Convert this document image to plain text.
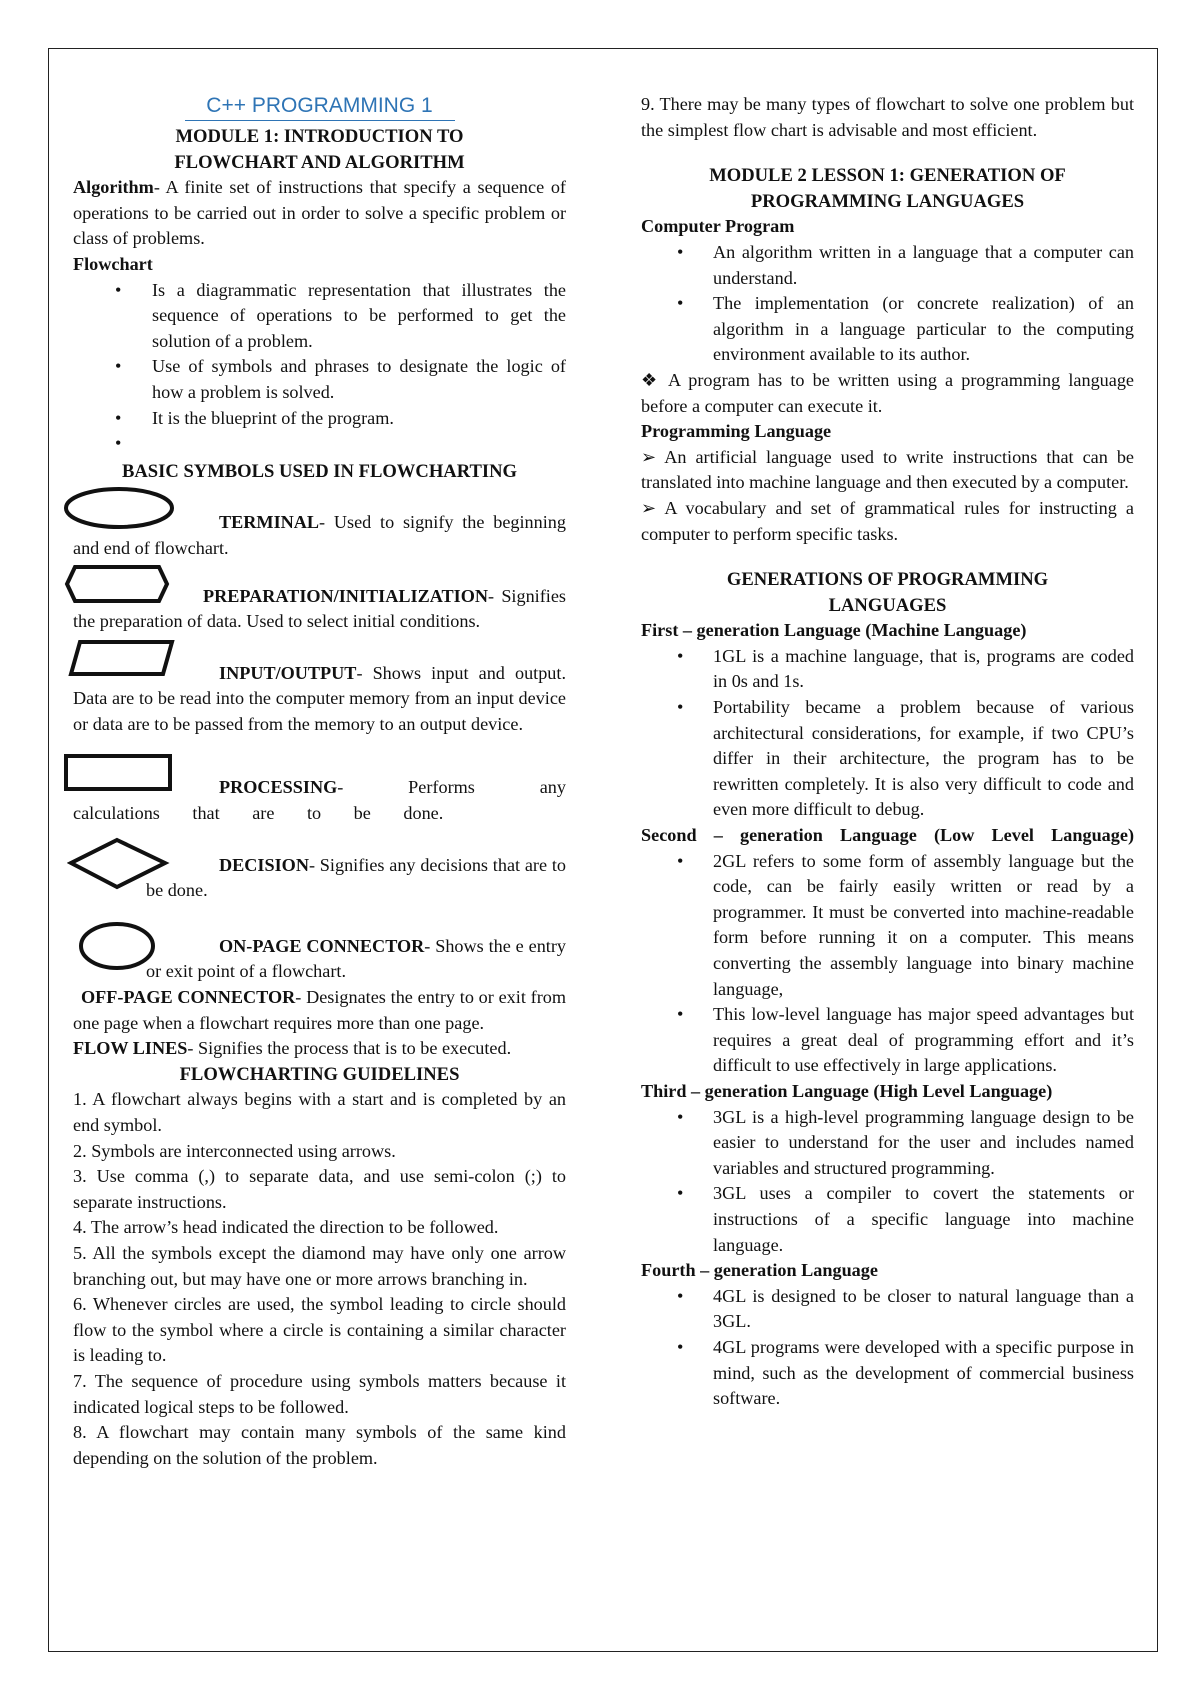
C++ PROGRAMMING 1

MODULE 1: INTRODUCTION TO FLOWCHART AND ALGORITHM

Algorithm- A finite set of instructions that specify a sequence of operations to be carried out in order to solve a specific problem or class of problems.

Flowchart

• Is a diagrammatic representation that illustrates the sequence of operations to be performed to get the solution of a problem.
• Use of symbols and phrases to designate the logic of how a problem is solved.
• It is the blueprint of the program.
•

BASIC SYMBOLS USED IN FLOWCHARTING

TERMINAL- Used to signify the beginning and end of flowchart.

PREPARATION/INITIALIZATION- Signifies the preparation of data. Used to select initial conditions.

INPUT/OUTPUT- Shows input and output. Data are to be read into the computer memory from an input device or data are to be passed from the memory to an output device.

PROCESSING- Performs any calculations that are to be done.

DECISION- Signifies any decisions that are to be done.

ON-PAGE CONNECTOR- Shows the e entry or exit point of a flowchart.

OFF-PAGE CONNECTOR- Designates the entry to or exit from one page when a flowchart requires more than one page.

FLOW LINES- Signifies the process that is to be executed.

FLOWCHARTING GUIDELINES

1. A flowchart always begins with a start and is completed by an end symbol.

2. Symbols are interconnected using arrows.

3. Use comma (,) to separate data, and use semi-colon (;) to separate instructions.

4. The arrow’s head indicated the direction to be followed.

5. All the symbols except the diamond may have only one arrow branching out, but may have one or more arrows branching in.

6. Whenever circles are used, the symbol leading to circle should flow to the symbol where a circle is containing a similar character is leading to.

7. The sequence of procedure using symbols matters because it indicated logical steps to be followed.

8. A flowchart may contain many symbols of the same kind depending on the solution of the problem.

9. There may be many types of flowchart to solve one problem but the simplest flow chart is advisable and most efficient.

MODULE 2 LESSON 1: GENERATION OF PROGRAMMING LANGUAGES

Computer Program

• An algorithm written in a language that a computer can understand.
• The implementation (or concrete realization) of an algorithm in a language particular to the computing environment available to its author.

❖ A program has to be written using a programming language before a computer can execute it.

Programming Language

➢ An artificial language used to write instructions that can be translated into machine language and then executed by a computer.

➢ A vocabulary and set of grammatical rules for instructing a computer to perform specific tasks.

GENERATIONS OF PROGRAMMING LANGUAGES

First – generation Language (Machine Language)

• 1GL is a machine language, that is, programs are coded in 0s and 1s.
• Portability became a problem because of various architectural considerations, for example, if two CPU’s differ in their architecture, the program has to be rewritten completely. It is also very difficult to code and even more difficult to debug.

Second – generation Language (Low Level Language)

• 2GL refers to some form of assembly language but the code, can be fairly easily written or read by a programmer. It must be converted into machine-readable form before running it on a computer. This means converting the assembly language into binary machine language,
• This low-level language has major speed advantages but requires a great deal of programming effort and it’s difficult to use effectively in large applications.

Third – generation Language (High Level Language)

• 3GL is a high-level programming language design to be easier to understand for the user and includes named variables and structured programming.
• 3GL uses a compiler to covert the statements or instructions of a specific language into machine language.

Fourth – generation Language

• 4GL is designed to be closer to natural language than a 3GL.
• 4GL programs were developed with a specific purpose in mind, such as the development of commercial business software.
